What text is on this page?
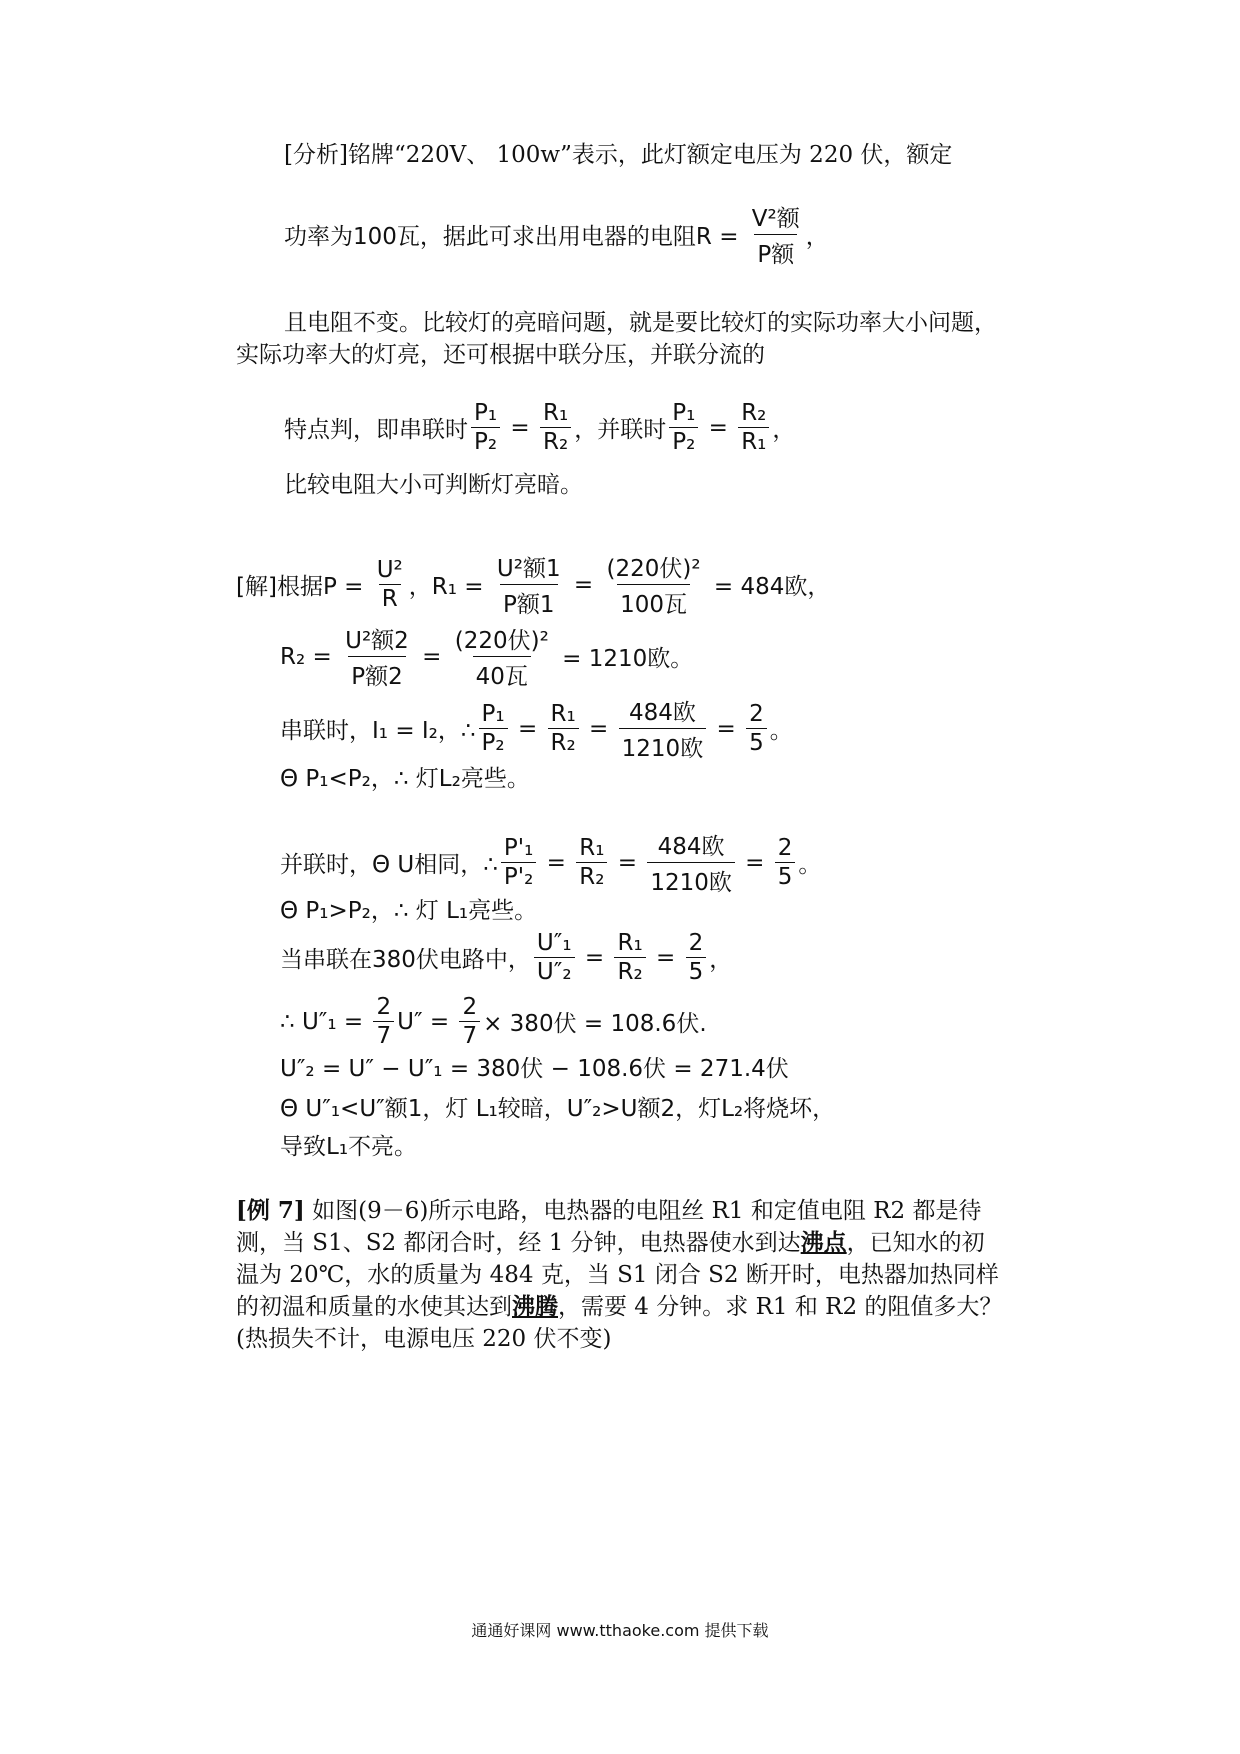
[分析]铭牌“220V、 100w”表示，此灯额定电压为 220 伏，额定
功率为100瓦，据此可求出用电器的电阻$R = \frac{\text{V²额}}{\text{P额}}$ ，
且电阻不变。比较灯的亮暗问题，就是要比较灯的实际功率大小问题，
实际功率大的灯亮，还可根据中联分压，并联分流的
特点判，即串联时 $\frac{\text{P₁}}{\text{P₂}} = \frac{\text{R₁}}{\text{R₂}}$ ，并联时 $\frac{\text{P₁}}{\text{P₂}} = \frac{\text{R₂}}{\text{R₁}}$ ，
比较电阻大小可判断灯亮暗。
[解]根据$P = \frac{\text{U²}}{R}$ ，$R_1 = \frac{\text{U²额1}}{\text{P额1}} = \frac{\text{(220伏)²}}{\text{100瓦}} = 484$欧，
$R_2 = \frac{\text{U²额2}}{\text{P额2}} = \frac{\text{(220伏)²}}{\text{40瓦}} = 1210$欧。
串联时，I₁ = I₂，∴ $\frac{\text{P₁}}{\text{P₂}} = \frac{\text{R₁}}{\text{R₂}} = \frac{\text{484欧}}{\text{1210欧}} = \frac{2}{5}$ 。
Θ P₁<P₂，∴ 灯L₂亮些。
并联时，Θ U相同，∴ $\frac{\text{P'₁}}{\text{P'₂}} = \frac{\text{R₁}}{\text{R₂}} = \frac{\text{484欧}}{\text{1210欧}} = \frac{2}{5}$ 。
Θ P₁>P₂，∴ 灯 L₁亮些。
当串联在380伏电路中， $\frac{\text{U″₁}}{\text{U″₂}} = \frac{\text{R₁}}{\text{R₂}} = \frac{2}{5}$ ，
∴ $U''_1 = \frac{2}{7} U'' = \frac{2}{7} \times 380$伏 = 108.6伏.
U″₂ = U″ − U″₁ = 380伏 − 108.6伏 = 271.4伏
Θ U″₁<U″额1，灯 L₁较暗，U″₂>U额2，灯L₂将烧坏，
导致L₁不亮。
[例 7] 如图(9－6)所示电路，电热器的电阻丝 R1 和定值电阻 R2 都是待
测，当 S1、S2 都闭合时，经 1 分钟，电热器使水到达沸点，已知水的初
温为 20℃，水的质量为 484 克，当 S1 闭合 S2 断开时，电热器加热同样
的初温和质量的水使其达到沸腾，需要 4 分钟。求 R1 和 R2 的阻值多大？
(热损失不计，电源电压 220 伏不变)
通通好课网 www.tthaoke.com 提供下载
